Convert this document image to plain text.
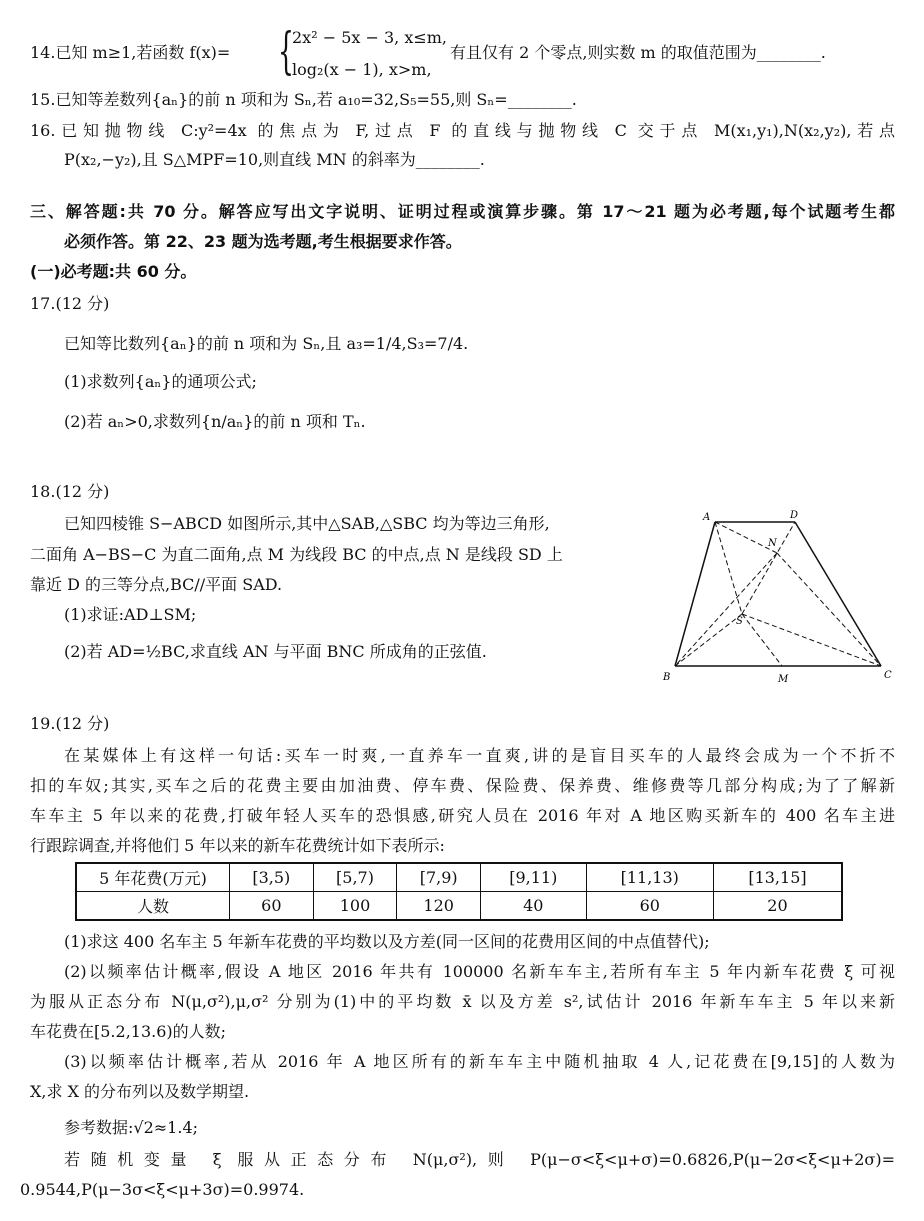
14.已知 m≥1,若函数 f(x)= {
2x² − 5x − 3, x≤m,
log₂(x − 1), x>m,
有且仅有 2 个零点,则实数 m 的取值范围为________.
15.已知等差数列{aₙ}的前 n 项和为 Sₙ,若 a₁₀=32,S₅=55,则 Sₙ=________.
16.已知抛物线 C:y²=4x 的焦点为 F,过点 F 的直线与抛物线 C 交于点 M(x₁,y₁),N(x₂,y₂),若点
P(x₂,−y₂),且 S△MPF=10,则直线 MN 的斜率为________.
三、解答题:共 70 分。解答应写出文字说明、证明过程或演算步骤。第 17～21 题为必考题,每个试题考生都
必须作答。第 22、23 题为选考题,考生根据要求作答。
(一)必考题:共 60 分。
17.(12 分)
已知等比数列{aₙ}的前 n 项和为 Sₙ,且 a₃=1/4,S₃=7/4.
(1)求数列{aₙ}的通项公式;
(2)若 aₙ>0,求数列{n/aₙ}的前 n 项和 Tₙ.
18.(12 分)
已知四棱锥 S−ABCD 如图所示,其中△SAB,△SBC 均为等边三角形,
二面角 A−BS−C 为直二面角,点 M 为线段 BC 的中点,点 N 是线段 SD 上
靠近 D 的三等分点,BC//平面 SAD.
(1)求证:AD⊥SM;
(2)若 AD=½BC,求直线 AN 与平面 BNC 所成角的正弦值.
A	D
N
S
B	M	C
19.(12 分)
在某媒体上有这样一句话:买车一时爽,一直养车一直爽,讲的是盲目买车的人最终会成为一个不折不
扣的车奴;其实,买车之后的花费主要由加油费、停车费、保险费、保养费、维修费等几部分构成;为了了解新
车车主 5 年以来的花费,打破年轻人买车的恐惧感,研究人员在 2016 年对 A 地区购买新车的 400 名车主进
行跟踪调查,并将他们 5 年以来的新车花费统计如下表所示:
5 年花费(万元)	[3,5)	[5,7)	[7,9)	[9,11)	[11,13)	[13,15]
人数	60	100	120	40	60	20
(1)求这 400 名车主 5 年新车花费的平均数以及方差(同一区间的花费用区间的中点值替代);
(2)以频率估计概率,假设 A 地区 2016 年共有 100000 名新车车主,若所有车主 5 年内新车花费 ξ 可视
为服从正态分布 N(μ,σ²),μ,σ² 分别为(1)中的平均数 x̄ 以及方差 s²,试估计 2016 年新车车主 5 年以来新
车花费在[5.2,13.6)的人数;
(3)以频率估计概率,若从 2016 年 A 地区所有的新车车主中随机抽取 4 人,记花费在[9,15]的人数为
X,求 X 的分布列以及数学期望.
参考数据:√2≈1.4;
若随机变量 ξ 服从正态分布 N(μ,σ²),则 P(μ−σ<ξ<μ+σ)=0.6826,P(μ−2σ<ξ<μ+2σ)=
0.9544,P(μ−3σ<ξ<μ+3σ)=0.9974.
